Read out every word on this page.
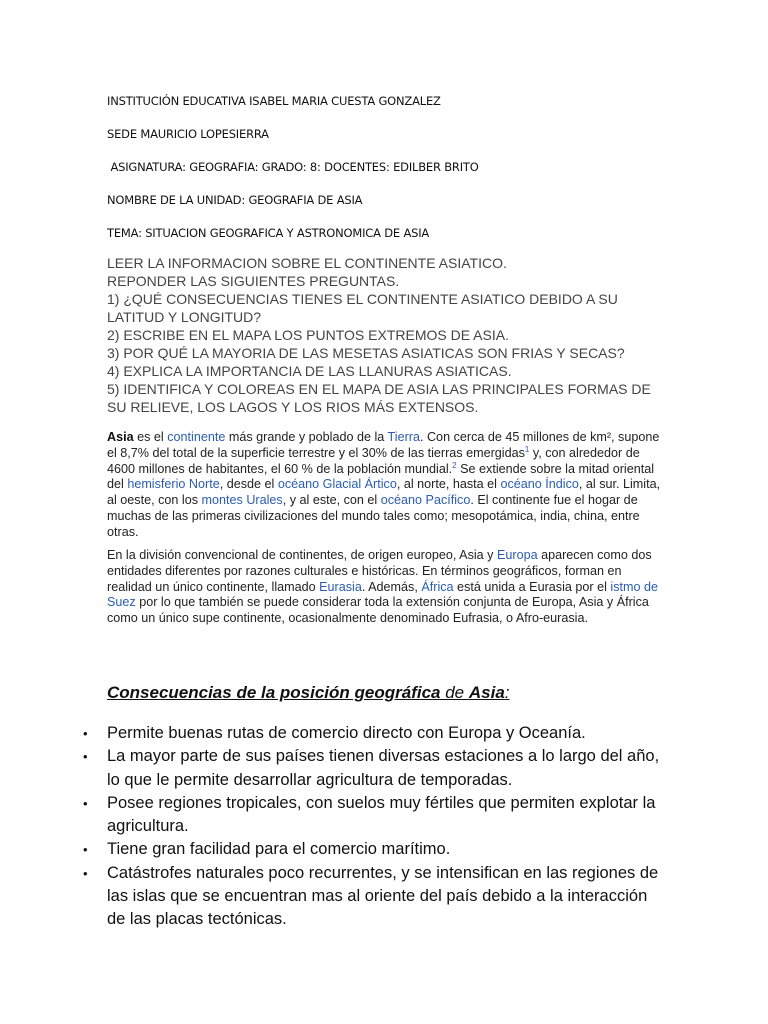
INSTITUCIÓN EDUCATIVA ISABEL MARIA CUESTA GONZALEZ
SEDE MAURICIO LOPESIERRA
ASIGNATURA: GEOGRAFIA: GRADO: 8: DOCENTES: EDILBER BRITO
NOMBRE DE LA UNIDAD: GEOGRAFIA DE ASIA
TEMA: SITUACION GEOGRAFICA Y ASTRONOMICA DE ASIA
LEER LA INFORMACION SOBRE EL CONTINENTE ASIATICO.
REPONDER LAS SIGUIENTES PREGUNTAS.
1) ¿QUÉ CONSECUENCIAS TIENES EL CONTINENTE ASIATICO DEBIDO A SU LATITUD Y LONGITUD?
2) ESCRIBE EN EL MAPA LOS PUNTOS EXTREMOS DE ASIA.
3) POR QUÉ LA MAYORIA DE LAS MESETAS ASIATICAS SON FRIAS Y SECAS?
4) EXPLICA LA IMPORTANCIA DE LAS LLANURAS ASIATICAS.
5) IDENTIFICA Y COLOREAS EN EL MAPA DE ASIA LAS PRINCIPALES FORMAS DE SU RELIEVE, LOS LAGOS Y LOS RIOS MÁS EXTENSOS.
Asia es el continente más grande y poblado de la Tierra. Con cerca de 45 millones de km², supone el 8,7% del total de la superficie terrestre y el 30% de las tierras emergidas$^1$ y, con alrededor de 4600 millones de habitantes, el 60 % de la población mundial.$^2$ Se extiende sobre la mitad oriental del hemisferio Norte, desde el océano Glacial Ártico, al norte, hasta el océano Índico, al sur. Limita, al oeste, con los montes Urales, y al este, con el océano Pacífico. El continente fue el hogar de muchas de las primeras civilizaciones del mundo tales como; mesopotámica, india, china, entre otras.
En la división convencional de continentes, de origen europeo, Asia y Europa aparecen como dos entidades diferentes por razones culturales e históricas. En términos geográficos, forman en realidad un único continente, llamado Eurasia. Además, África está unida a Eurasia por el istmo de Suez por lo que también se puede considerar toda la extensión conjunta de Europa, Asia y África como un único supe continente, ocasionalmente denominado Eufrasia, o Afro-eurasia.
Consecuencias de la posición geográfica de Asia:
• Permite buenas rutas de comercio directo con Europa y Oceanía.
• La mayor parte de sus países tienen diversas estaciones a lo largo del año, lo que le permite desarrollar agricultura de temporadas.
• Posee regiones tropicales, con suelos muy fértiles que permiten explotar la agricultura.
• Tiene gran facilidad para el comercio marítimo.
• Catástrofes naturales poco recurrentes, y se intensifican en las regiones de las islas que se encuentran mas al oriente del país debido a la interacción de las placas tectónicas.
